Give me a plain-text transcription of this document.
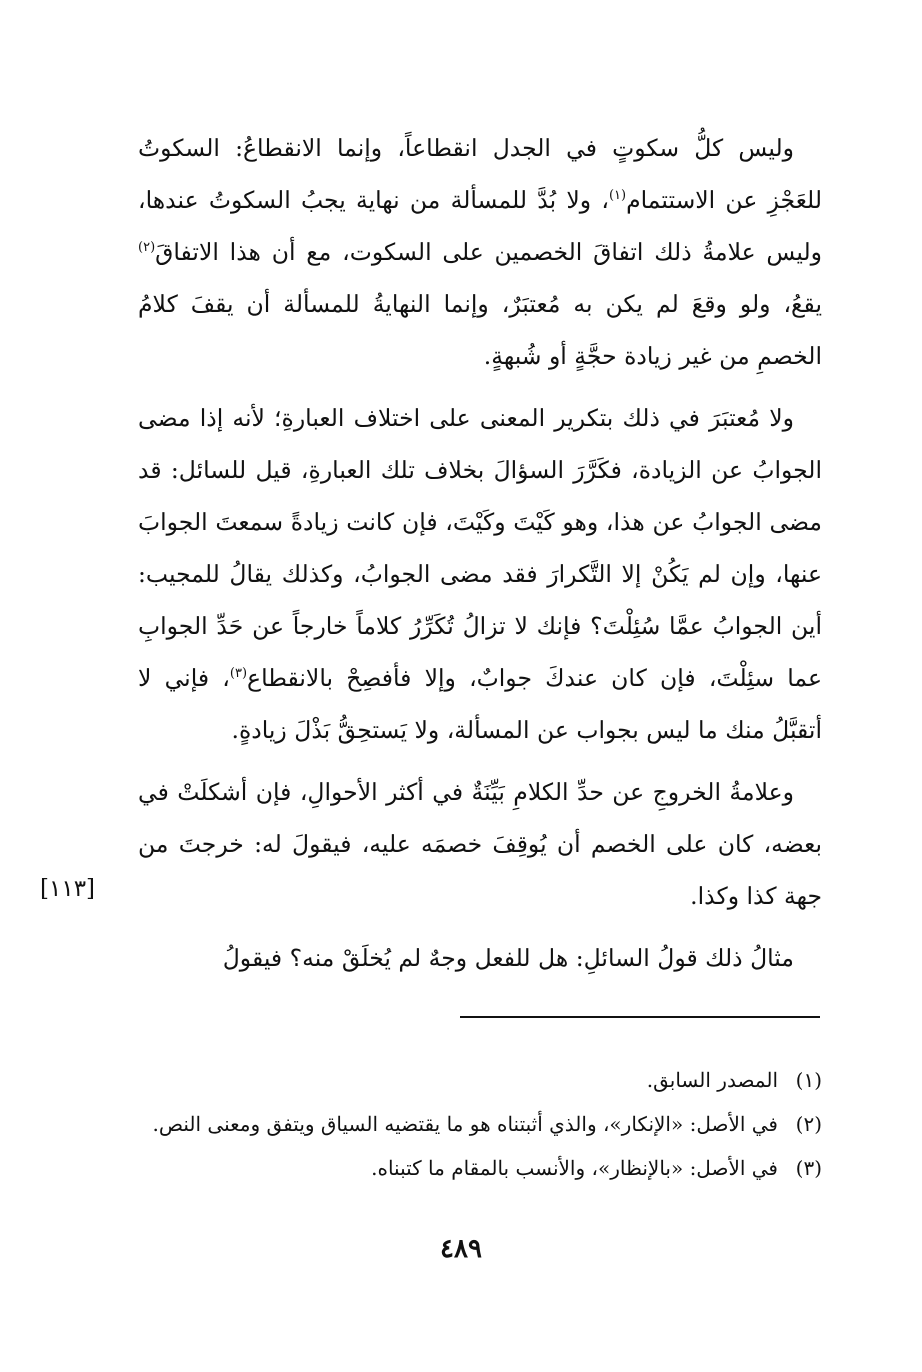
وليس كلُّ سكوتٍ في الجدل انقطاعاً، وإنما الانقطاعُ: السكوتُ للعَجْزِ عن الاستتمام$^{(١)}$، ولا بُدَّ للمسألة من نهاية يجبُ السكوتُ عندها، وليس علامةُ ذلك اتفاقَ الخصمين على السكوت، مع أن هذا الاتفاقَ$^{(٢)}$ يقعُ، ولو وقعَ لم يكن به مُعتبَرٌ، وإنما النهايةُ للمسألة أن يقفَ كلامُ الخصمِ من غير زيادة حجَّةٍ أو شُبهةٍ.

ولا مُعتبَرَ في ذلك بتكرير المعنى على اختلاف العبارةِ؛ لأنه إذا مضى الجوابُ عن الزيادة، فكَرَّرَ السؤالَ بخلاف تلك العبارةِ، قيل للسائل: قد مضى الجوابُ عن هذا، وهو كَيْتَ وكَيْتَ، فإن كانت زيادةً سمعتَ الجوابَ عنها، وإن لم يَكُنْ إلا التَّكرارَ فقد مضى الجوابُ، وكذلك يقالُ للمجيب: أين الجوابُ عمَّا سُئِلْتَ؟ فإنك لا تزالُ تُكَرِّرُ كلاماً خارجاً عن حَدِّ الجوابِ عما سئِلْتَ، فإن كان عندكَ جوابٌ، وإلا فأفصِحْ بالانقطاع$^{(٣)}$، فإني لا أتقبَّلُ منك ما ليس بجواب عن المسألة، ولا يَستحِقُّ بَذْلَ زيادةٍ.

وعلامةُ الخروجِ عن حدِّ الكلامِ بَيِّنَةٌ في أكثر الأحوالِ، فإن أشكلَتْ في بعضه، كان على الخصم أن يُوقِفَ خصمَه عليه، فيقولَ له: خرجتَ من جهة كذا وكذا.

مثالُ ذلك قولُ السائلِ: هل للفعل وجهٌ لم يُخلَقْ منه؟ فيقولُ

[١١٣]

(١)المصدر السابق.

(٢)في الأصل: «الإنكار»، والذي أثبتناه هو ما يقتضيه السياق ويتفق ومعنى النص.

(٣)في الأصل: «بالإنظار»، والأنسب بالمقام ما كتبناه.

٤٨٩
